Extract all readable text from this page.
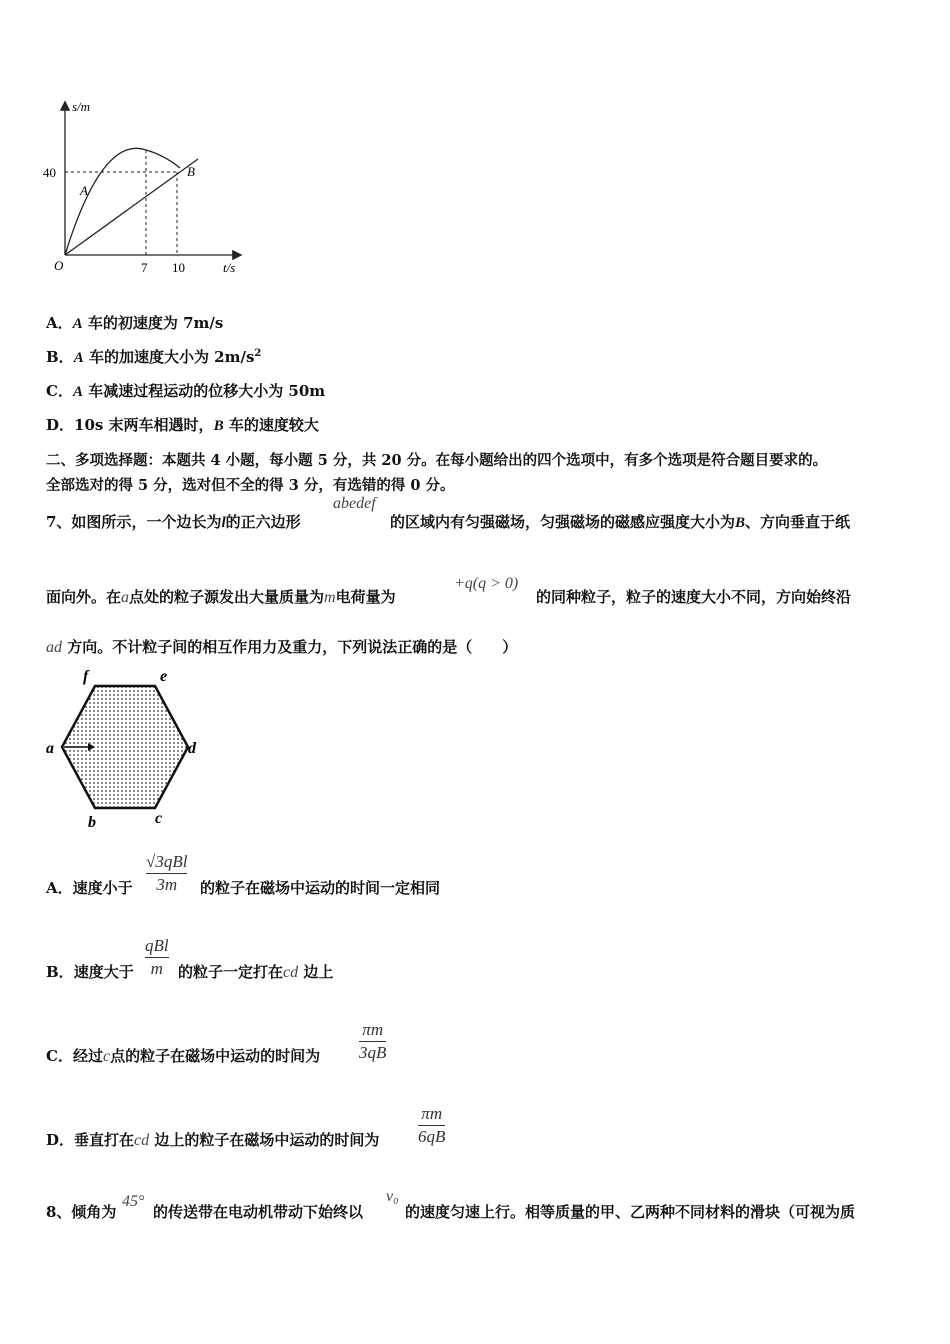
s/m
t/s
O
40
7 10
A
B
A．A 车的初速度为 7m/s
B．A 车的加速度大小为 $2m/s^2$
C．A 车减速过程运动的位移大小为 50m
D．10s 末两车相遇时，B 车的速度较大
二、多项选择题：本题共 4 小题，每小题 5 分，共 20 分。在每小题给出的四个选项中，有多个选项是符合题目要求的。
全部选对的得 5 分，选对但不全的得 3 分，有选错的得 0 分。
7、如图所示，一个边长为l的正六边形
abedef
的区域内有匀强磁场，匀强磁场的磁感应强度大小为B、方向垂直于纸
面向外。在a点处的粒子源发出大量质量为m电荷量为
+q(q > 0)
的同种粒子，粒子的速度大小不同，方向始终沿
ad 方向。不计粒子间的相互作用力及重力，下列说法正确的是（　　）
f	e
a	d
b	c
A．速度小于
√3qBl
3m 的粒子在磁场中运动的时间一定相同
B．速度大于
qBl
m 的粒子一定打在cd 边上
C．经过c点的粒子在磁场中运动的时间为
πm
3qB
D．垂直打在cd 边上的粒子在磁场中运动的时间为
πm
6qB
8、倾角为
45°
的传送带在电动机带动下始终以
v₀
的速度匀速上行。相等质量的甲、乙两种不同材料的滑块（可视为质
